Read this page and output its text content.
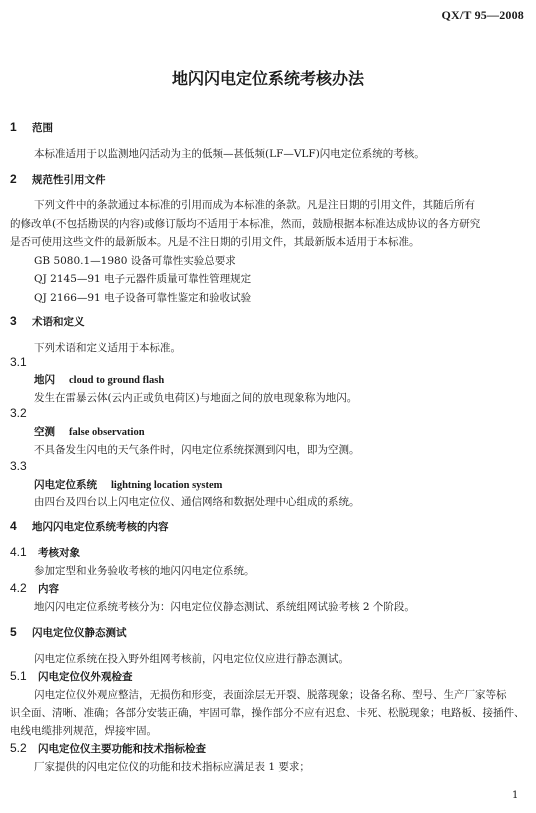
QX/T 95—2008
地闪闪电定位系统考核办法
1 范围
本标准适用于以监测地闪活动为主的低频—甚低频(LF—VLF)闪电定位系统的考核。
2 规范性引用文件
下列文件中的条款通过本标准的引用而成为本标准的条款。凡是注日期的引用文件，其随后所有
的修改单(不包括勘误的内容)或修订版均不适用于本标准，然而，鼓励根据本标准达成协议的各方研究
是否可使用这些文件的最新版本。凡是不注日期的引用文件，其最新版本适用于本标准。
GB 5080.1—1980 设备可靠性实验总要求
QJ 2145—91 电子元器件质量可靠性管理规定
QJ 2166—91 电子设备可靠性鉴定和验收试验
3 术语和定义
下列术语和定义适用于本标准。
3.1
地闪 cloud to ground flash
发生在雷暴云体(云内正或负电荷区)与地面之间的放电现象称为地闪。
3.2
空测 false observation
不具备发生闪电的天气条件时，闪电定位系统探测到闪电，即为空测。
3.3
闪电定位系统 lightning location system
由四台及四台以上闪电定位仪、通信网络和数据处理中心组成的系统。
4 地闪闪电定位系统考核的内容
4.1 考核对象
参加定型和业务验收考核的地闪闪电定位系统。
4.2 内容
地闪闪电定位系统考核分为：闪电定位仪静态测试、系统组网试验考核 2 个阶段。
5 闪电定位仪静态测试
闪电定位系统在投入野外组网考核前，闪电定位仪应进行静态测试。
5.1 闪电定位仪外观检查
闪电定位仪外观应整洁，无损伤和形变，表面涂层无开裂、脱落现象；设备名称、型号、生产厂家等标
识全面、清晰、准确；各部分安装正确，牢固可靠，操作部分不应有迟怠、卡死、松脱现象；电路板、接插件、
电线电缆排列规范，焊接牢固。
5.2 闪电定位仪主要功能和技术指标检查
厂家提供的闪电定位仪的功能和技术指标应满足表 1 要求；
1
